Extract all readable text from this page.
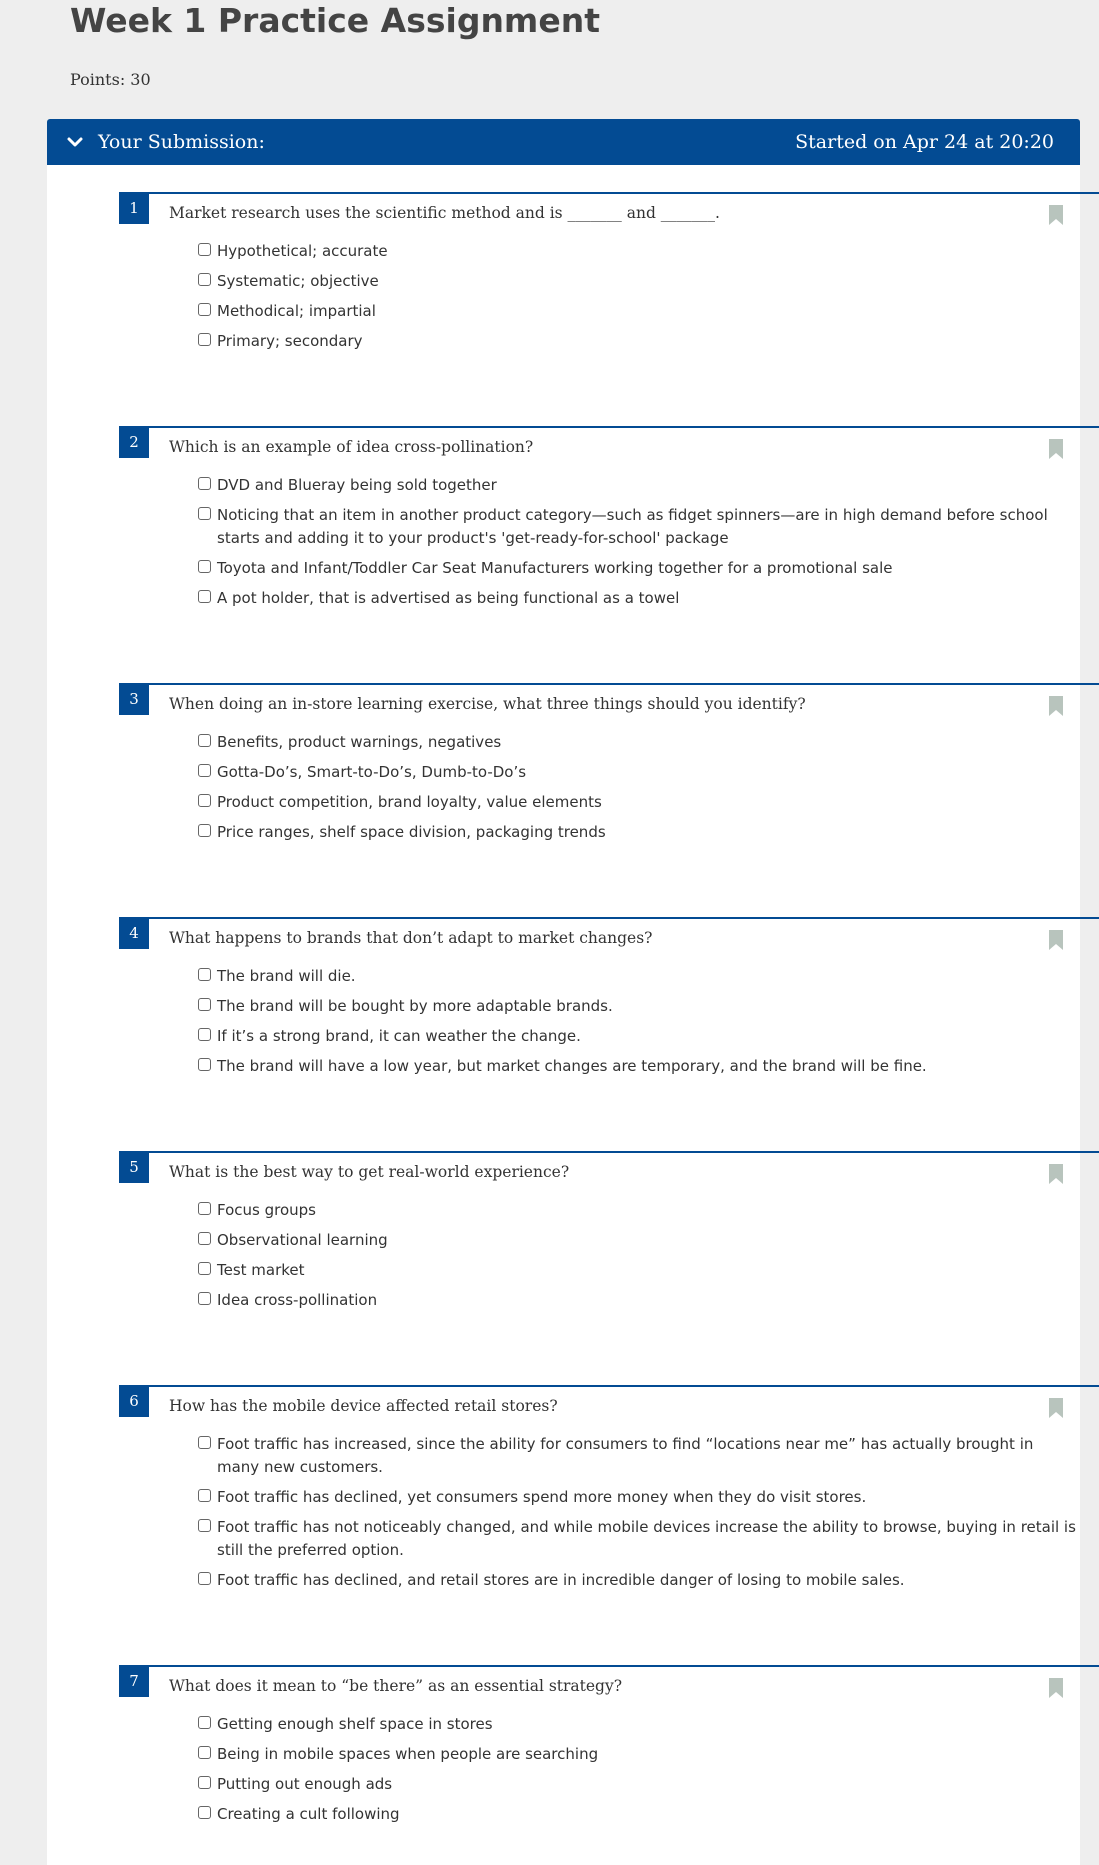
Week 1 Practice Assignment
Points: 30
Your Submission:	Started on Apr 24 at 20:20
1	Market research uses the scientific method and is _______ and _______.
Hypothetical; accurate
Systematic; objective
Methodical; impartial
Primary; secondary
2	Which is an example of idea cross-pollination?
DVD and Blueray being sold together
Noticing that an item in another product category—such as fidget spinners—are in high demand before school starts and adding it to your product's 'get-ready-for-school' package
Toyota and Infant/Toddler Car Seat Manufacturers working together for a promotional sale
A pot holder, that is advertised as being functional as a towel
3	When doing an in-store learning exercise, what three things should you identify?
Benefits, product warnings, negatives
Gotta-Do’s, Smart-to-Do’s, Dumb-to-Do’s
Product competition, brand loyalty, value elements
Price ranges, shelf space division, packaging trends
4	What happens to brands that don’t adapt to market changes?
The brand will die.
The brand will be bought by more adaptable brands.
If it’s a strong brand, it can weather the change.
The brand will have a low year, but market changes are temporary, and the brand will be fine.
5	What is the best way to get real-world experience?
Focus groups
Observational learning
Test market
Idea cross-pollination
6	How has the mobile device affected retail stores?
Foot traffic has increased, since the ability for consumers to find “locations near me” has actually brought in many new customers.
Foot traffic has declined, yet consumers spend more money when they do visit stores.
Foot traffic has not noticeably changed, and while mobile devices increase the ability to browse, buying in retail is still the preferred option.
Foot traffic has declined, and retail stores are in incredible danger of losing to mobile sales.
7	What does it mean to “be there” as an essential strategy?
Getting enough shelf space in stores
Being in mobile spaces when people are searching
Putting out enough ads
Creating a cult following
